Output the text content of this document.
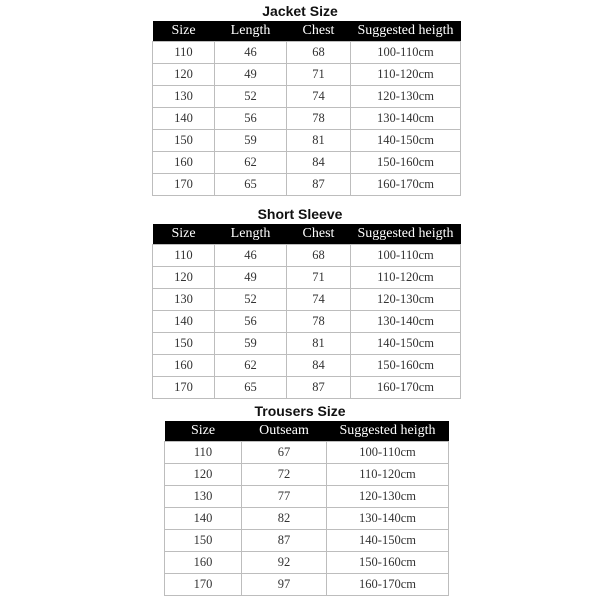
Jacket Size
Size	Length	Chest	Suggested heigth
110	46	68	100-110cm
120	49	71	110-120cm
130	52	74	120-130cm
140	56	78	130-140cm
150	59	81	140-150cm
160	62	84	150-160cm
170	65	87	160-170cm
Short Sleeve
Size	Length	Chest	Suggested heigth
110	46	68	100-110cm
120	49	71	110-120cm
130	52	74	120-130cm
140	56	78	130-140cm
150	59	81	140-150cm
160	62	84	150-160cm
170	65	87	160-170cm
Trousers Size
Size	Outseam	Suggested heigth
110	67	100-110cm
120	72	110-120cm
130	77	120-130cm
140	82	130-140cm
150	87	140-150cm
160	92	150-160cm
170	97	160-170cm
